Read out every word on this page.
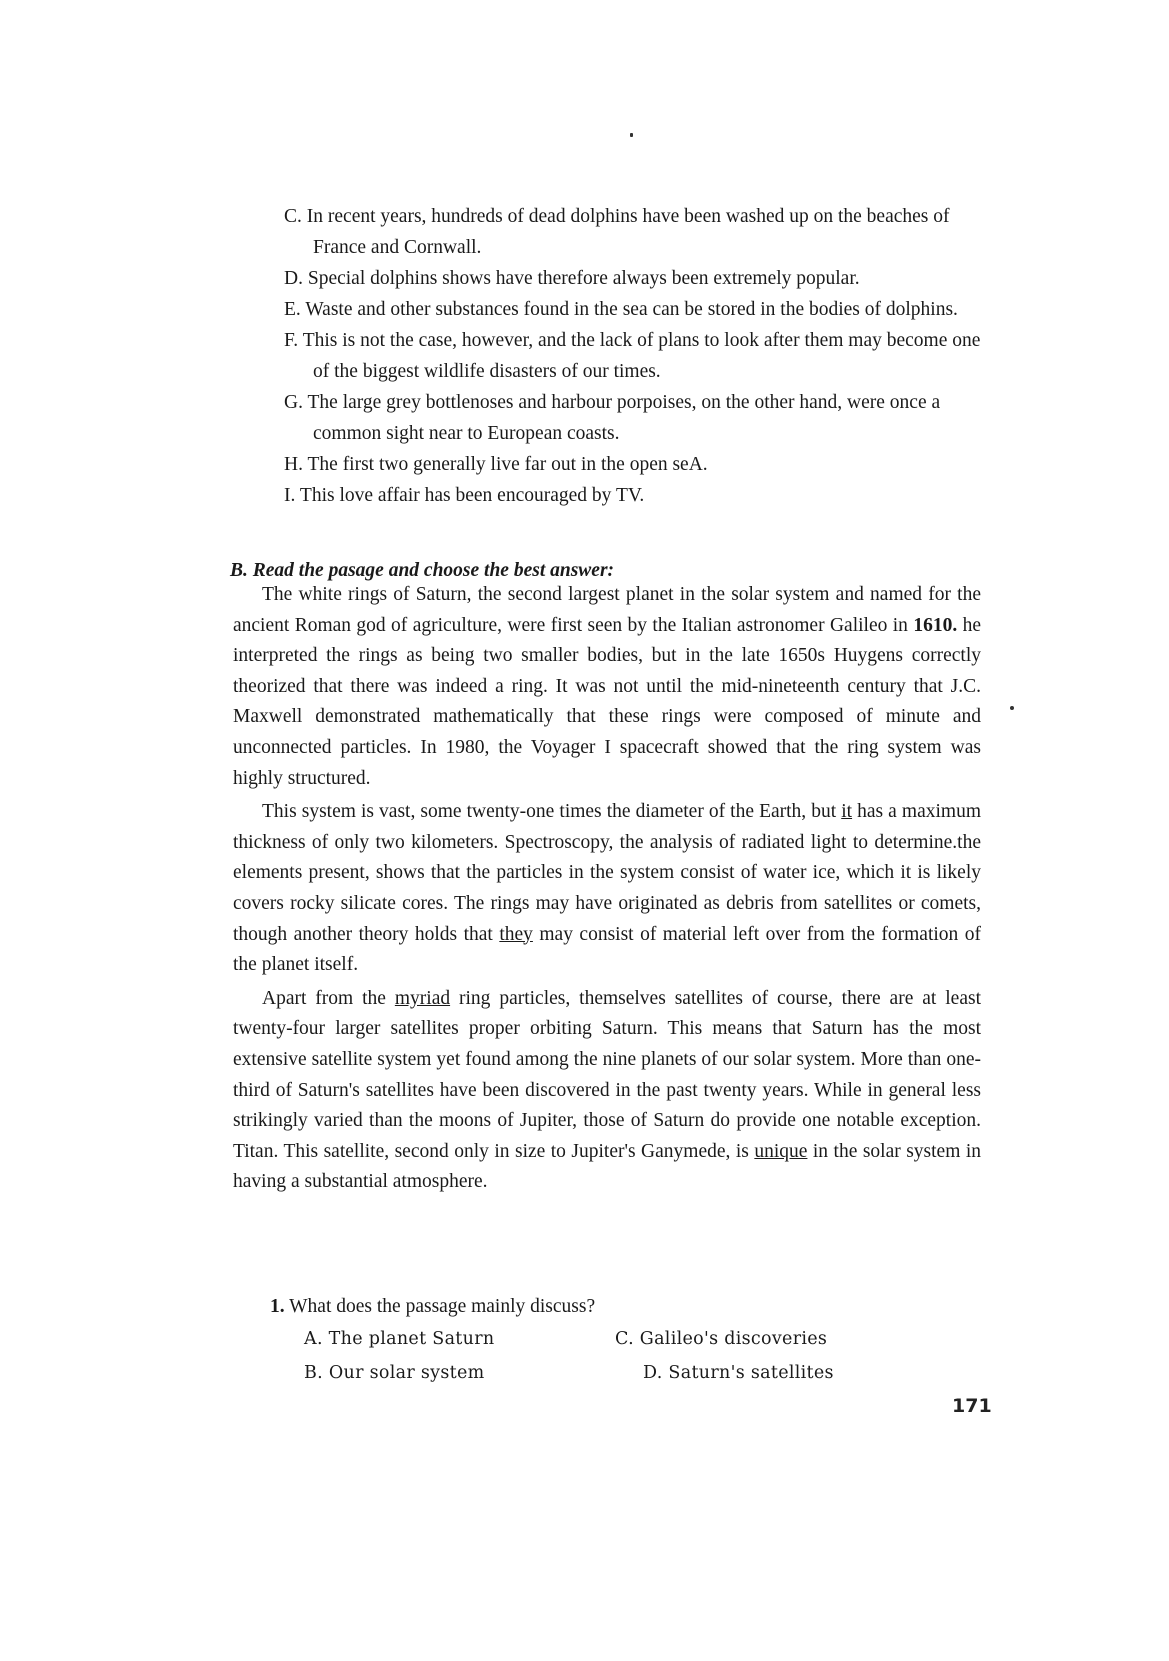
C. In recent years, hundreds of dead dolphins have been washed up on the beaches of France and Cornwall.

D. Special dolphins shows have therefore always been extremely popular.

E. Waste and other substances found in the sea can be stored in the bodies of dolphins.

F. This is not the case, however, and the lack of plans to look after them may become one of the biggest wildlife disasters of our times.

G. The large grey bottlenoses and harbour porpoises, on the other hand, were once a common sight near to European coasts.

H. The first two generally live far out in the open seA.

I. This love affair has been encouraged by TV.

B. Read the pasage and choose the best answer:

The white rings of Saturn, the second largest planet in the solar system and named for the ancient Roman god of agriculture, were first seen by the Italian astronomer Galileo in 1610. he interpreted the rings as being two smaller bodies, but in the late 1650s Huygens correctly theorized that there was indeed a ring. It was not until the mid-nineteenth century that J.C. Maxwell demonstrated mathematically that these rings were composed of minute and unconnected particles. In 1980, the Voyager I spacecraft showed that the ring system was highly structured.

This system is vast, some twenty-one times the diameter of the Earth, but it has a maximum thickness of only two kilometers. Spectroscopy, the analysis of radiated light to determine.the elements present, shows that the particles in the system consist of water ice, which it is likely covers rocky silicate cores. The rings may have originated as debris from satellites or comets, though another theory holds that they may consist of material left over from the formation of the planet itself.

Apart from the myriad ring particles, themselves satellites of course, there are at least twenty-four larger satellites proper orbiting Saturn. This means that Saturn has the most extensive satellite system yet found among the nine planets of our solar system. More than one-third of Saturn's satellites have been discovered in the past twenty years. While in general less strikingly varied than the moons of Jupiter, those of Saturn do provide one notable exception. Titan. This satellite, second only in size to Jupiter's Ganymede, is unique in the solar system in having a substantial atmosphere.

1. What does the passage mainly discuss?
A. The planet Saturn	C. Galileo's discoveries
B. Our solar system	D. Saturn's satellites
171
